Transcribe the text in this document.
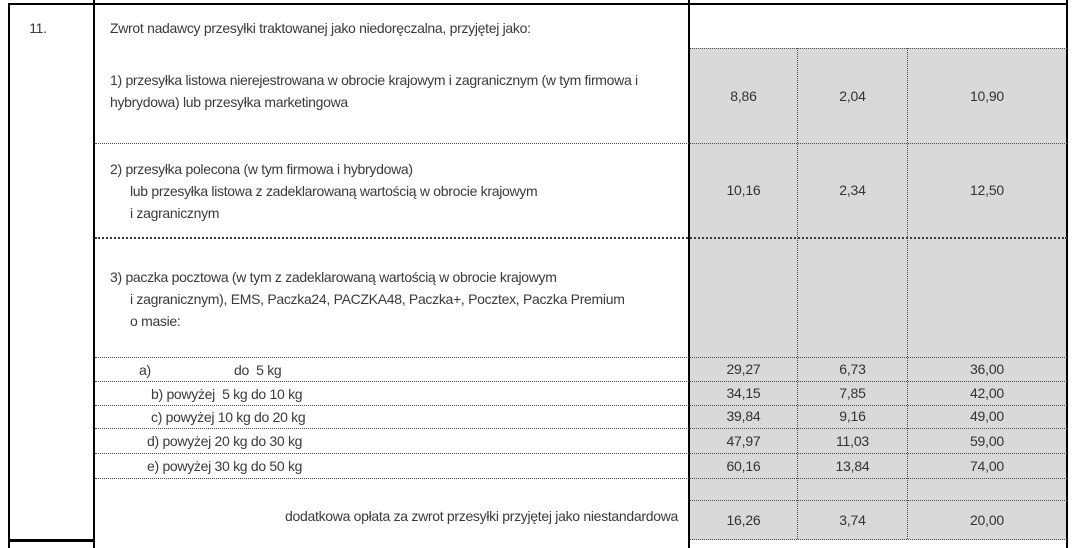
11.	Zwrot nadawcy przesyłki traktowanej jako niedoręczalna, przyjętej jako:
1) przesyłka listowa nierejestrowana w obrocie krajowym i zagranicznym (w tym firmowa i
hybrydowa) lub przesyłka marketingowa	8,86	2,04	10,90
2) przesyłka polecona (w tym firmowa i hybrydowa)
lub przesyłka listowa z zadeklarowaną wartością w obrocie krajowym
i zagranicznym
10,16	2,34	12,50
3) paczka pocztowa (w tym z zadeklarowaną wartością w obrocie krajowym
i zagranicznym), EMS, Paczka24, PACZKA48, Paczka+, Pocztex, Paczka Premium
o masie:
a)	do  5 kg	29,27	6,73	36,00
b) powyżej  5 kg do 10 kg	34,15	7,85	42,00
c) powyżej 10 kg do 20 kg	39,84	9,16	49,00
d) powyżej 20 kg do 30 kg	47,97	11,03	59,00
e) powyżej 30 kg do 50 kg	60,16	13,84	74,00
dodatkowa opłata za zwrot przesyłki przyjętej jako niestandardowa	16,26	3,74	20,00
